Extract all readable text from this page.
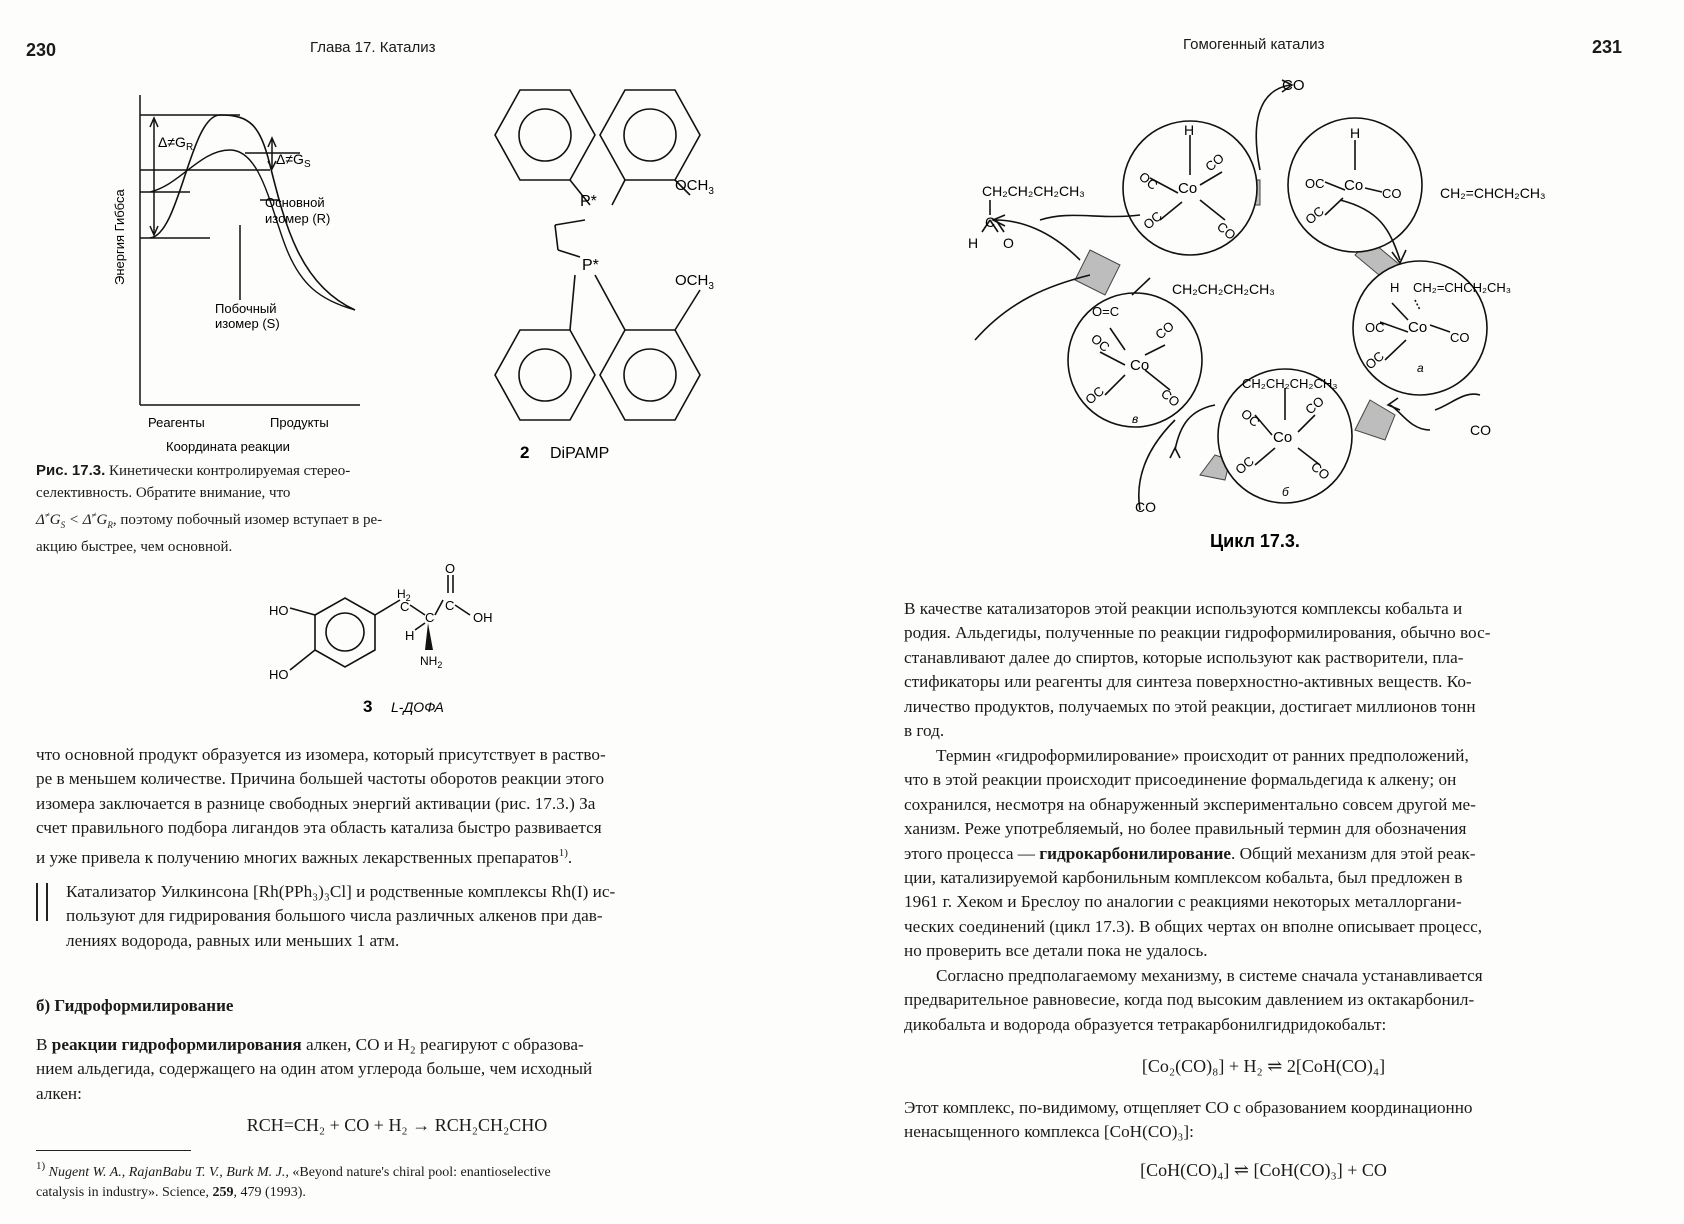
230	Глава 17. Катализ
$\Delta\ne G_R$
$\Delta\ne G_S$
Основной
изомер (R)
Побочный
изомер (S)
Энергия Гиббса
Реагенты	Продукты
Координата реакции
Рис. 17.3. Кинетически контролируемая стерео-
селективность. Обратите внимание, что
$\Delta^\ne G_S < \Delta^\ne G_R$, поэтому побочный изомер вступает в ре-
акцию быстрее, чем основной.
P*
P*
$OCH_3$
$OCH_3$
2 DiPAMP
HO
HO
$H_2$
C
C
C
O
OH
H
$NH_2$
3 L-ДОФА
что основной продукт образуется из изомера, который присутствует в раство-
ре в меньшем количестве. Причина большей частоты оборотов реакции этого
изомера заключается в разнице свободных энергий активации (рис. 17.3.) За
счет правильного подбора лигандов эта область катализа быстро развивается
и уже привела к получению многих важных лекарственных препаратов$^{1)}$.
Катализатор Уилкинсона [Rh(PPh₃)₃Cl] и родственные комплексы Rh(I) ис-
пользуют для гидрирования большого числа различных алкенов при дав-
лениях водорода, равных или меньших 1 атм.
б) Гидроформилирование
В реакции гидроформилирования алкен, CO и H₂ реагируют с образова-
нием альдегида, содержащего на один атом углерода больше, чем исходный
алкен:
RCH=CH₂ + CO + H₂ → RCH₂CH₂CHO
$^{1)}$ Nugent W. A., RajanBabu T. V., Burk M. J., «Beyond nature's chiral pool: enantioselective
catalysis in industry». Science, 259, 479 (1993).
Гомогенный катализ	231
CO
H
Co
OC
CO
OC	CO
H
Co
OC
CO
OC
CH₂=CHCH₂CH₃
H CH₂=CHCH₂CH₃
Co
OC
CO
OC	а
CO
CH₂CH₂CH₂CH₃
Co
OC
CO
OC	CO
б
CO
O=C
Co
OC
CO
OC	CO
в
CH₂CH₂CH₂CH₃
CH₂CH₂CH₂CH₃
C
H O
Цикл 17.3.
В качестве катализаторов этой реакции используются комплексы кобальта и
родия. Альдегиды, полученные по реакции гидроформилирования, обычно вос-
станавливают далее до спиртов, которые используют как растворители, пла-
стификаторы или реагенты для синтеза поверхностно-активных веществ. Ко-
личество продуктов, получаемых по этой реакции, достигает миллионов тонн
в год.
Термин «гидроформилирование» происходит от ранних предположений,
что в этой реакции происходит присоединение формальдегида к алкену; он
сохранился, несмотря на обнаруженный экспериментально совсем другой ме-
ханизм. Реже употребляемый, но более правильный термин для обозначения
этого процесса — гидрокарбонилирование. Общий механизм для этой реак-
ции, катализируемой карбонильным комплексом кобальта, был предложен в
1961 г. Хеком и Бреслоу по аналогии с реакциями некоторых металлоргани-
ческих соединений (цикл 17.3). В общих чертах он вполне описывает процесс,
но проверить все детали пока не удалось.
Согласно предполагаемому механизму, в системе сначала устанавливается
предварительное равновесие, когда под высоким давлением из октакарбонил-
дикобальта и водорода образуется тетракарбонилгидридокобальт:
[Co₂(CO)₈] + H₂ ⇌ 2[CoH(CO)₄]
Этот комплекс, по-видимому, отщепляет CO с образованием координационно
ненасыщенного комплекса [CoH(CO)₃]:
[CoH(CO)₄] ⇌ [CoH(CO)₃] + CO
